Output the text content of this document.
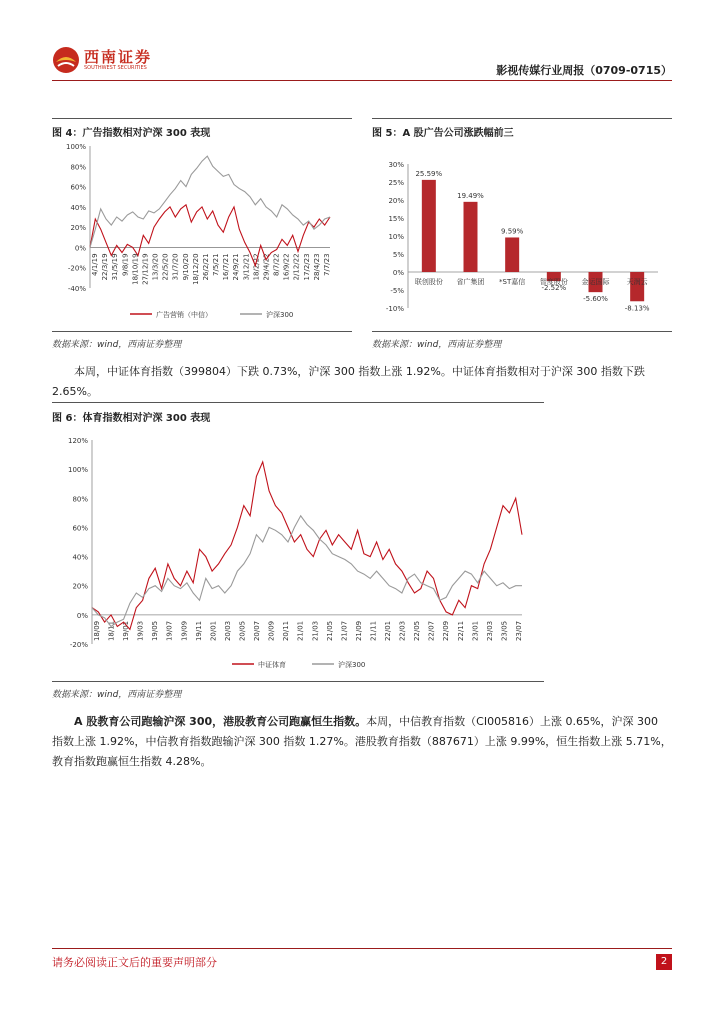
西南证券
SOUTHWEST SECURITIES	影视传媒行业周报（0709-0715）
图 4：广告指数相对沪深 300 表现
100%
80%
60%
40%
20%
0%
-20%
-40%
4/1/19 22/3/19 31/5/19 9/8/19 18/10/19 27/12/19 13/3/20 22/5/20 31/7/20 9/10/20 18/12/20 26/2/21 7/5/21 16/7/21 24/9/21 3/12/21 18/2/22 29/4/22 8/7/22 16/9/22 2/12/22 17/2/23 28/4/23 7/7/23
广告营销（中信）	沪深300
数据来源：wind，西南证券整理
图 5：A 股广告公司涨跌幅前三
30%
25%
20%
15%
10%
5%
0%
-5%
-10%
25.59%
联创股份
19.49%
省广集团
9.59%
*ST嘉信
-2.52%
智度股份
-5.60%
金运国际
-8.13%
天润云
数据来源：wind，西南证券整理

本周，中证体育指数（399804）下跌 0.73%，沪深 300 指数上涨 1.92%。中证体育指数相对于沪深 300 指数下跌 2.65%。

图 6：体育指数相对沪深 300 表现
120%
100%
80%
60%
40%
20%
0%
-20%
18/09 18/11 19/01 19/03 19/05 19/07 19/09 19/11 20/01 20/03 20/05 20/07 20/09 20/11 21/01 21/03 21/05 21/07 21/09 21/11 22/01 22/03 22/05 22/07 22/09 22/11 23/01 23/03 23/05 23/07
中证体育	沪深300
数据来源：wind，西南证券整理

A 股教育公司跑输沪深 300，港股教育公司跑赢恒生指数。本周，中信教育指数（CI005816）上涨 0.65%，沪深 300 指数上涨 1.92%，中信教育指数跑输沪深 300 指数 1.27%。港股教育指数（887671）上涨 9.99%，恒生指数上涨 5.71%，教育指数跑赢恒生指数 4.28%。

请务必阅读正文后的重要声明部分	2
